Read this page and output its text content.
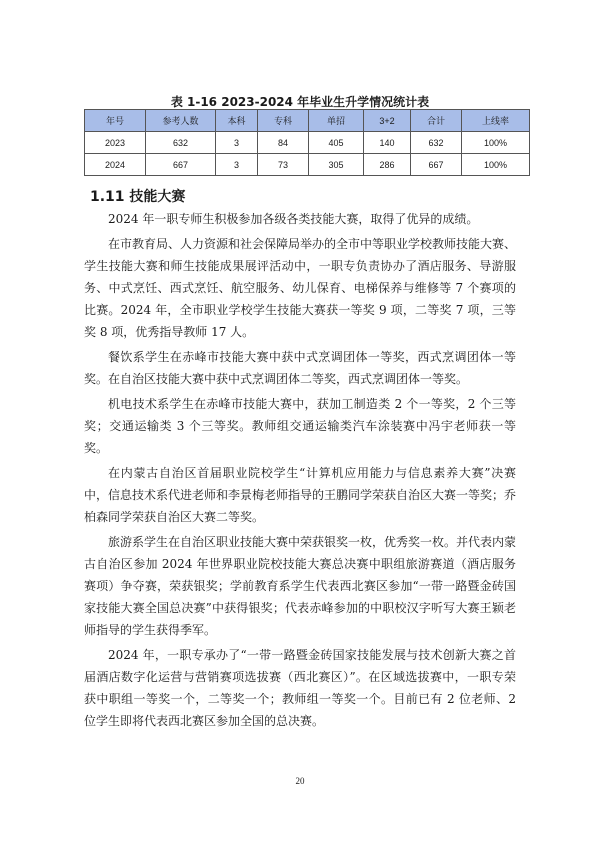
表 1-16 2023-2024 年毕业生升学情况统计表
年号	参考人数	本科	专科	单招	3+2	合计	上线率
2023	632	3	84	405	140	632	100%
2024	667	3	73	305	286	667	100%
1.11 技能大赛

2024 年一职专师生积极参加各级各类技能大赛，取得了优异的成绩。

在市教育局、人力资源和社会保障局举办的全市中等职业学校教师技能大赛、学生技能大赛和师生技能成果展评活动中，一职专负责协办了酒店服务、导游服务、中式烹饪、西式烹饪、航空服务、幼儿保育、电梯保养与维修等 7 个赛项的比赛。2024 年，全市职业学校学生技能大赛获一等奖 9 项，二等奖 7 项，三等奖 8 项，优秀指导教师 17 人。

餐饮系学生在赤峰市技能大赛中获中式烹调团体一等奖，西式烹调团体一等奖。在自治区技能大赛中获中式烹调团体二等奖，西式烹调团体一等奖。

机电技术系学生在赤峰市技能大赛中，获加工制造类 2 个一等奖，2 个三等奖；交通运输类 3 个三等奖。教师组交通运输类汽车涂装赛中冯宇老师获一等奖。

在内蒙古自治区首届职业院校学生“计算机应用能力与信息素养大赛”决赛中，信息技术系代进老师和李景梅老师指导的王鹏同学荣获自治区大赛一等奖；乔柏森同学荣获自治区大赛二等奖。

旅游系学生在自治区职业技能大赛中荣获银奖一枚，优秀奖一枚。并代表内蒙古自治区参加 2024 年世界职业院校技能大赛总决赛中职组旅游赛道（酒店服务赛项）争夺赛，荣获银奖；学前教育系学生代表西北赛区参加“一带一路暨金砖国家技能大赛全国总决赛”中获得银奖；代表赤峰参加的中职校汉字听写大赛王颖老师指导的学生获得季军。

2024 年，一职专承办了“一带一路暨金砖国家技能发展与技术创新大赛之首届酒店数字化运营与营销赛项选拔赛（西北赛区）”。在区域选拔赛中，一职专荣获中职组一等奖一个，二等奖一个；教师组一等奖一个。目前已有 2 位老师、2 位学生即将代表西北赛区参加全国的总决赛。

20
